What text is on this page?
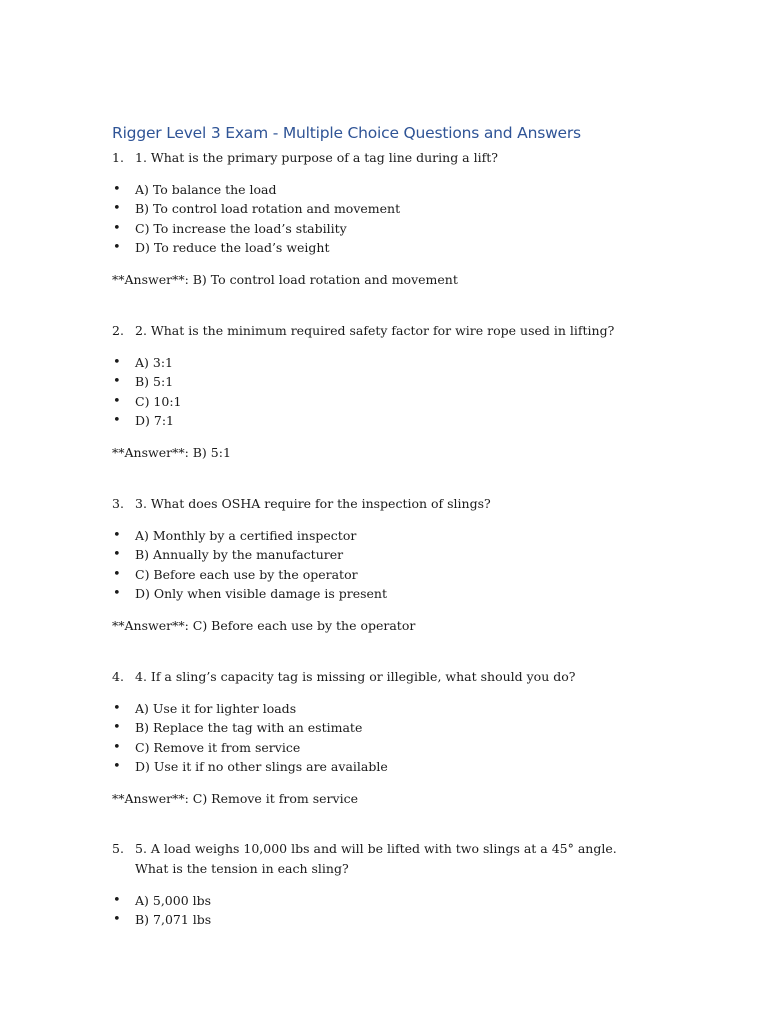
Rigger Level 3 Exam - Multiple Choice Questions and Answers

1. 1. What is the primary purpose of a tag line during a lift?

• A) To balance the load
• B) To control load rotation and movement
• C) To increase the load’s stability
• D) To reduce the load’s weight

**Answer**: B) To control load rotation and movement

2. 2. What is the minimum required safety factor for wire rope used in lifting?

• A) 3:1
• B) 5:1
• C) 10:1
• D) 7:1

**Answer**: B) 5:1

3. 3. What does OSHA require for the inspection of slings?

• A) Monthly by a certified inspector
• B) Annually by the manufacturer
• C) Before each use by the operator
• D) Only when visible damage is present

**Answer**: C) Before each use by the operator

4. 4. If a sling’s capacity tag is missing or illegible, what should you do?

• A) Use it for lighter loads
• B) Replace the tag with an estimate
• C) Remove it from service
• D) Use it if no other slings are available

**Answer**: C) Remove it from service

5. 5. A load weighs 10,000 lbs and will be lifted with two slings at a 45° angle. What is the tension in each sling?

• A) 5,000 lbs
• B) 7,071 lbs
